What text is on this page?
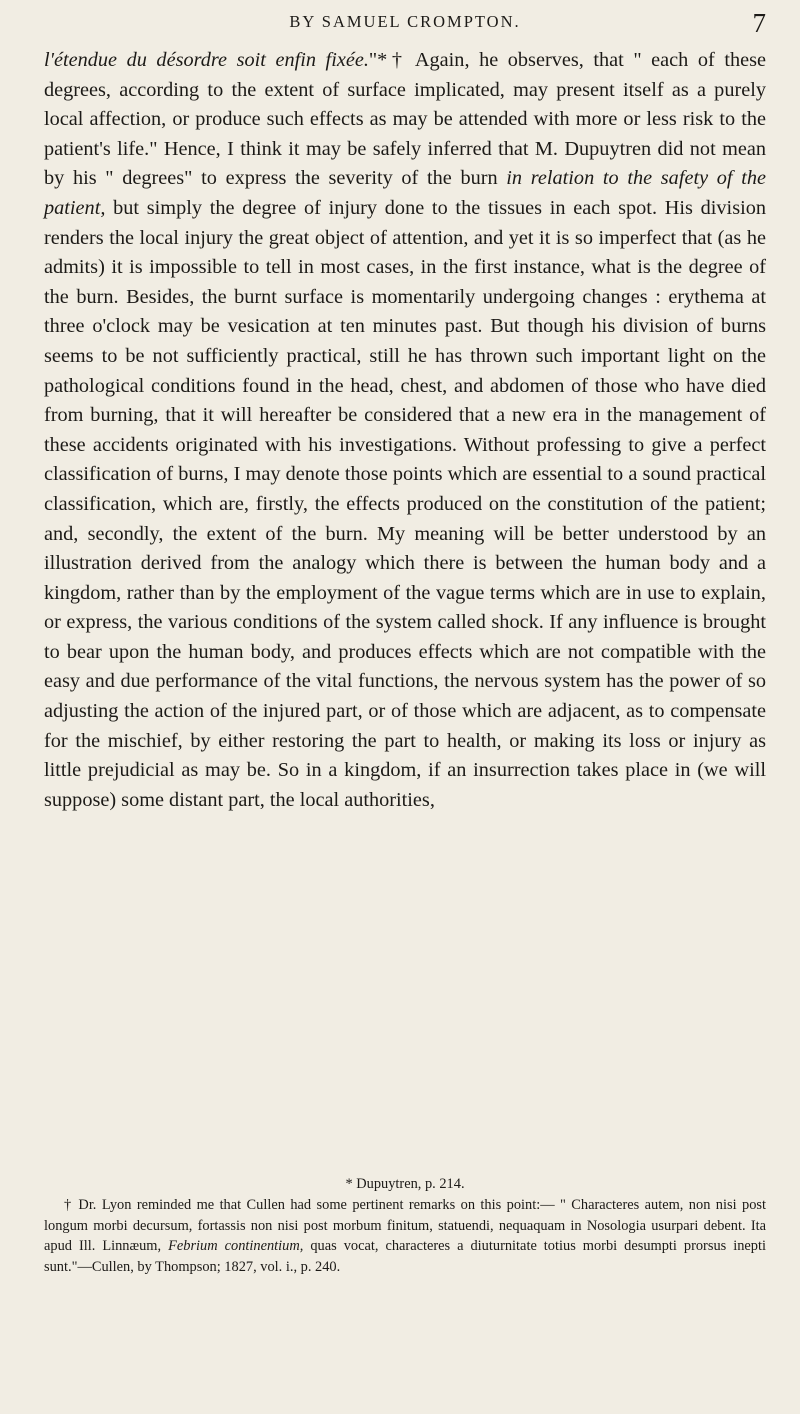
BY SAMUEL CROMPTON.	7

l'étendue du désordre soit enfin fixée."*† Again, he observes, that " each of these degrees, according to the extent of surface implicated, may present itself as a purely local affection, or produce such effects as may be attended with more or less risk to the patient's life." Hence, I think it may be safely inferred that M. Dupuytren did not mean by his " degrees" to express the severity of the burn in relation to the safety of the patient, but simply the degree of injury done to the tissues in each spot. His division renders the local injury the great object of attention, and yet it is so imperfect that (as he admits) it is impossible to tell in most cases, in the first instance, what is the degree of the burn. Besides, the burnt surface is momentarily undergoing changes : erythema at three o'clock may be vesication at ten minutes past. But though his division of burns seems to be not sufficiently practical, still he has thrown such important light on the pathological conditions found in the head, chest, and abdomen of those who have died from burning, that it will hereafter be considered that a new era in the management of these accidents originated with his investigations. Without professing to give a perfect classification of burns, I may denote those points which are essential to a sound practical classification, which are, firstly, the effects produced on the constitution of the patient; and, secondly, the extent of the burn. My meaning will be better understood by an illustration derived from the analogy which there is between the human body and a kingdom, rather than by the employment of the vague terms which are in use to explain, or express, the various conditions of the system called shock. If any influence is brought to bear upon the human body, and produces effects which are not compatible with the easy and due performance of the vital functions, the nervous system has the power of so adjusting the action of the injured part, or of those which are adjacent, as to compensate for the mischief, by either restoring the part to health, or making its loss or injury as little prejudicial as may be. So in a kingdom, if an insurrection takes place in (we will suppose) some distant part, the local authorities,

* Dupuytren, p. 214.

† Dr. Lyon reminded me that Cullen had some pertinent remarks on this point:— " Characteres autem, non nisi post longum morbi decursum, fortassis non nisi post morbum finitum, statuendi, nequaquam in Nosologia usurpari debent. Ita apud Ill. Linnæum, Febrium continentium, quas vocat, characteres a diuturnitate totius morbi desumpti prorsus inepti sunt."—Cullen, by Thompson; 1827, vol. i., p. 240.
